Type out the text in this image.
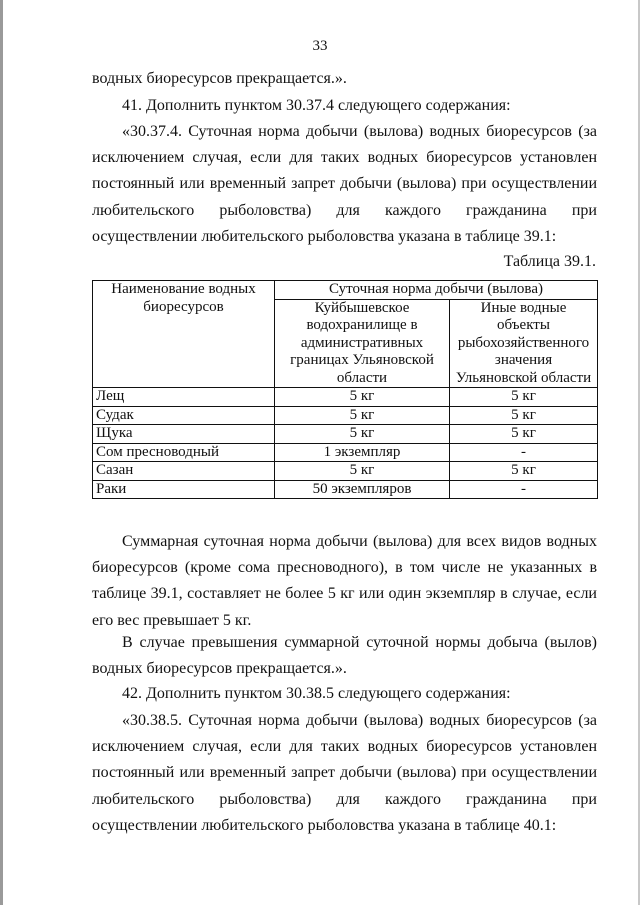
33

водных биоресурсов прекращается.».

41. Дополнить пунктом 30.37.4 следующего содержания:

«30.37.4. Суточная норма добычи (вылова) водных биоресурсов (за исключением случая, если для таких водных биоресурсов установлен постоянный или временный запрет добычи (вылова) при осуществлении любительского рыболовства) для каждого гражданина при осуществлении любительского рыболовства указана в таблице 39.1:

Таблица 39.1.
Наименование водных биоресурсов	Суточная норма добычи (вылова)	
	Куйбышевское водохранилище в административных границах Ульяновской области	Иные водные объекты рыбохозяйственного значения Ульяновской области
Лещ	5 кг	5 кг
Судак	5 кг	5 кг
Щука	5 кг	5 кг
Сом пресноводный	1 экземпляр	-
Сазан	5 кг	5 кг
Раки	50 экземпляров	-

Суммарная суточная норма добычи (вылова) для всех видов водных биоресурсов (кроме сома пресноводного), в том числе не указанных в таблице 39.1, составляет не более 5 кг или один экземпляр в случае, если его вес превышает 5 кг.

В случае превышения суммарной суточной нормы добыча (вылов) водных биоресурсов прекращается.».

42. Дополнить пунктом 30.38.5 следующего содержания:

«30.38.5. Суточная норма добычи (вылова) водных биоресурсов (за исключением случая, если для таких водных биоресурсов установлен постоянный или временный запрет добычи (вылова) при осуществлении любительского рыболовства) для каждого гражданина при осуществлении любительского рыболовства указана в таблице 40.1:
